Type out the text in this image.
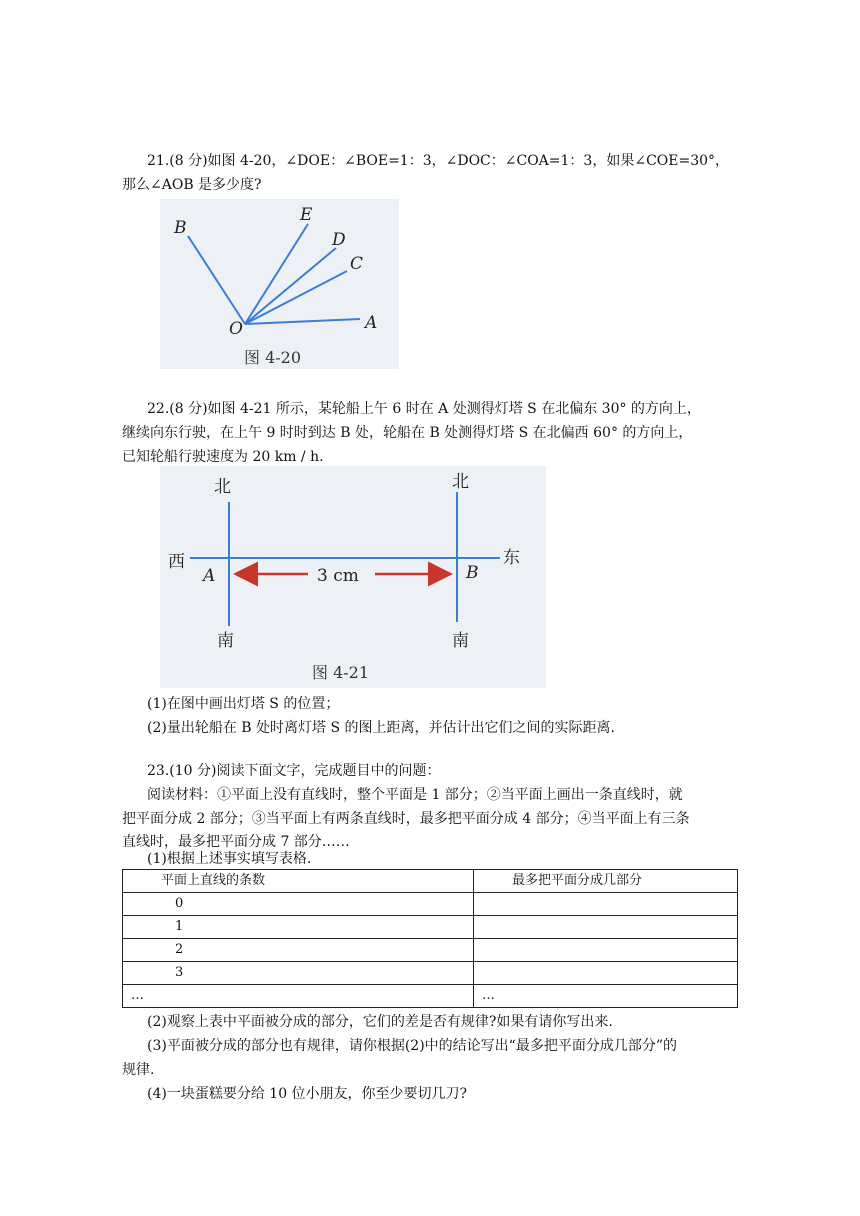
21.(8 分)如图 4-20，∠DOE：∠BOE=1：3，∠DOC：∠COA=1：3，如果∠COE=30°，
那么∠AOB 是多少度?
B
E
D
C
O	A
图 4-20
22.(8 分)如图 4-21 所示，某轮船上午 6 时在 A 处测得灯塔 S 在北偏东 30° 的方向上，
继续向东行驶，在上午 9 时时到达 B 处，轮船在 B 处测得灯塔 S 在北偏西 60° 的方向上，
已知轮船行驶速度为 20 km / h.
北	北
西	东
南	南
3 cm
A	B
图 4-21
(1)在图中画出灯塔 S 的位置；
(2)量出轮船在 B 处时离灯塔 S 的图上距离，并估计出它们之间的实际距离.
23.(10 分)阅读下面文字，完成题目中的问题：
阅读材料：①平面上没有直线时，整个平面是 1 部分；②当平面上画出一条直线时，就
把平面分成 2 部分；③当平面上有两条直线时，最多把平面分成 4 部分；④当平面上有三条
直线时，最多把平面分成 7 部分……
(1)根据上述事实填写表格.
平面上直线的条数	最多把平面分成几部分
0	
1	
2	
3	
…	…
(2)观察上表中平面被分成的部分，它们的差是否有规律?如果有请你写出来.
(3)平面被分成的部分也有规律，请你根据(2)中的结论写出“最多把平面分成几部分”的
规律.
(4)一块蛋糕要分给 10 位小朋友，你至少要切几刀?
